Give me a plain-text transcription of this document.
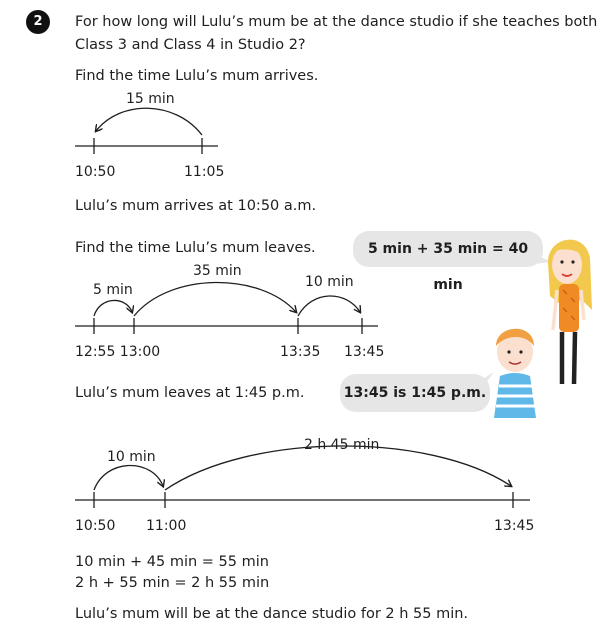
2	For how long will Lulu’s mum be at the dance studio if she teaches both
Class 3 and Class 4 in Studio 2?
Find the time Lulu’s mum arrives.
15 min
10:50	11:05
Lulu’s mum arrives at 10:50 a.m.
Find the time Lulu’s mum leaves.
5 min
35 min
10 min
12:55 13:00	13:35 13:45
Lulu’s mum leaves at 1:45 p.m.
5 min + 35 min = 40 min
13:45 is 1:45 p.m.
10 min
2 h 45 min
10:50 11:00	13:45
10 min + 45 min = 55 min
2 h + 55 min = 2 h 55 min
Lulu’s mum will be at the dance studio for 2 h 55 min.
